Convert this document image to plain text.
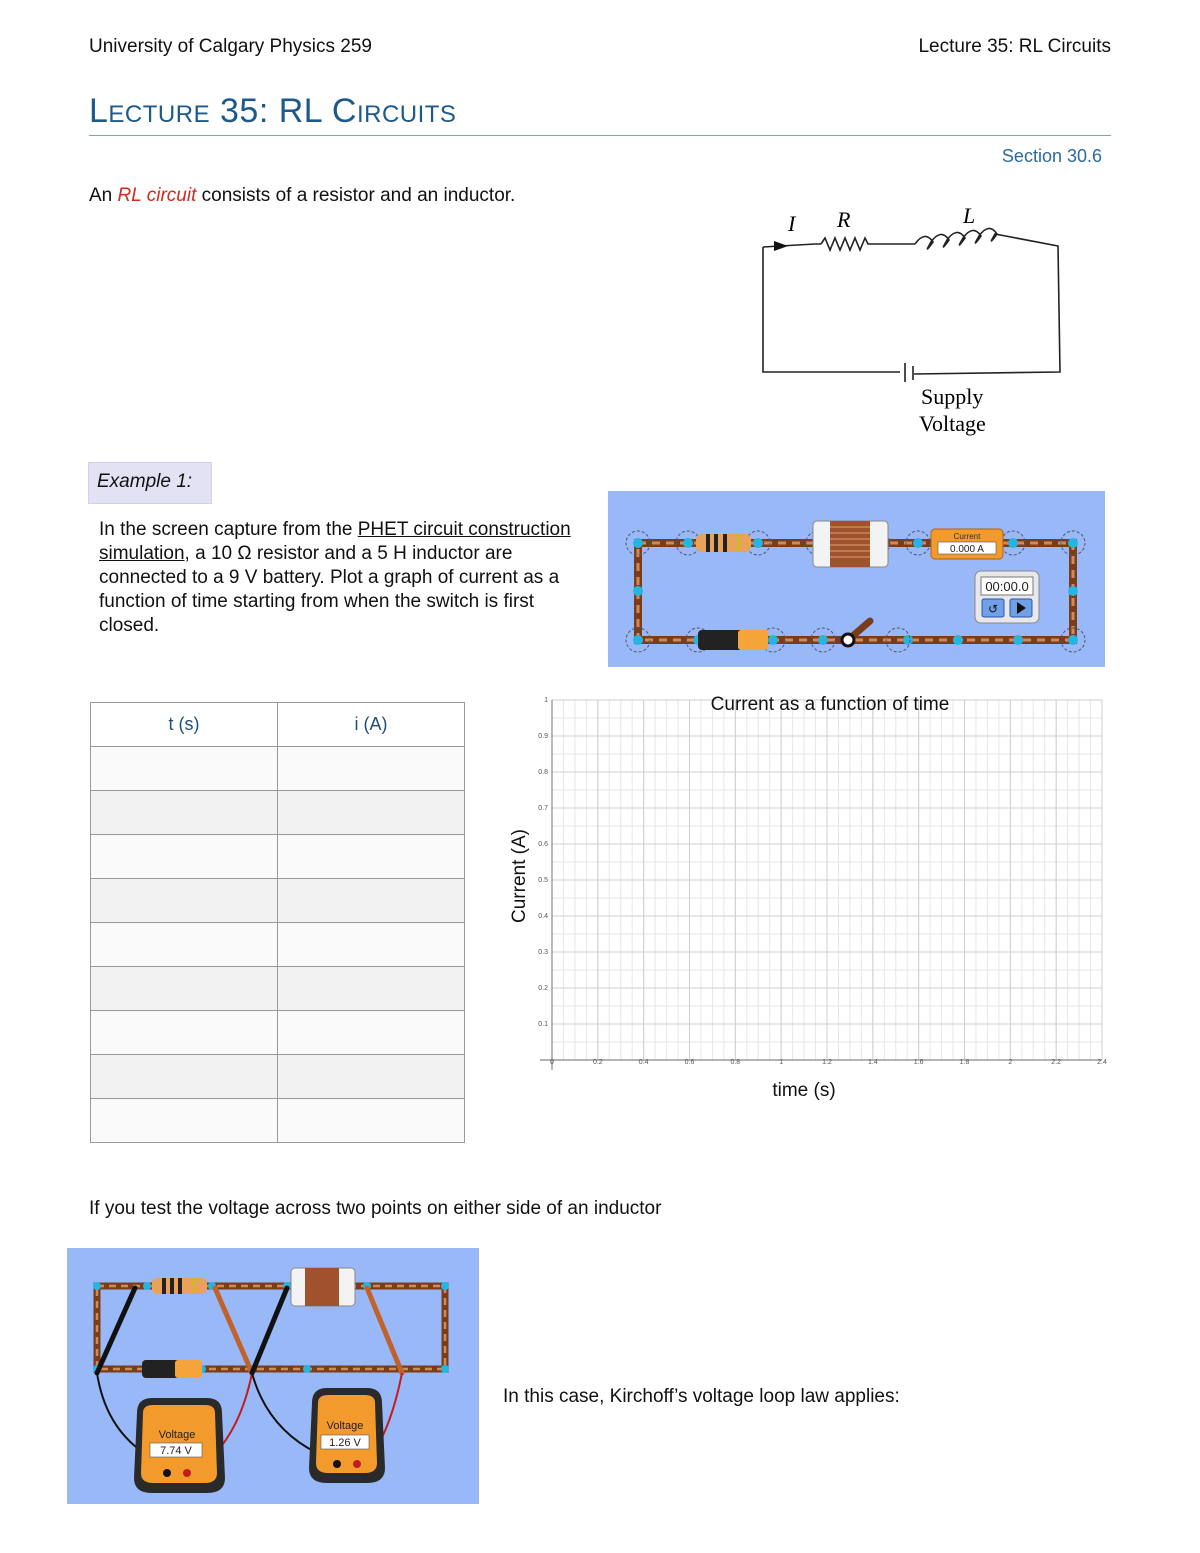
University of Calgary Physics 259	Lecture 35: RL Circuits
Lecture 35: RL Circuits
Section 30.6
An RL circuit consists of a resistor and an inductor.
I R	L
Supply
Voltage
Example 1:
In the screen capture from the PHET circuit construction simulation, a 10 Ω resistor and a 5 H inductor are connected to a 9 V battery. Plot a graph of current as a function of time starting from when the switch is first closed.
Current
0.000 A
00:00.0
↺
t (s)	i (A)

0	0.2	0.4	0.6	0.8	1	1.2	1.4	1.6	1.8	2	2.2	2.4
0.1
0.2
0.3
0.4
0.5
0.6
0.7
0.8
0.9
1	Current as a function of time
time (s)
Current (A)
If you test the voltage across two points on either side of an inductor
Voltage
7.74 V
Voltage
1.26 V
In this case, Kirchoff’s voltage loop law applies:
